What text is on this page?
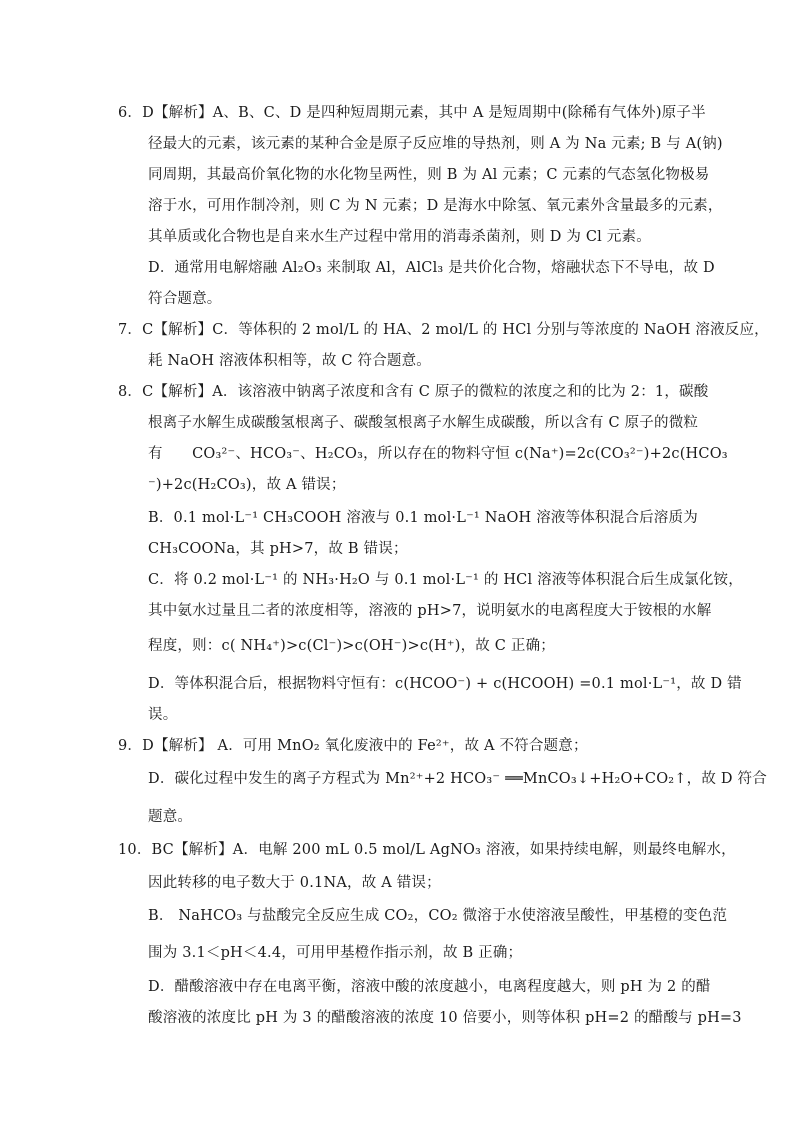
6．D【解析】A、B、C、D 是四种短周期元素，其中 A 是短周期中(除稀有气体外)原子半
径最大的元素，该元素的某种合金是原子反应堆的导热剂，则 A 为 Na 元素; B 与 A(钠)
同周期，其最高价氧化物的水化物呈两性，则 B 为 Al 元素；C 元素的气态氢化物极易
溶于水，可用作制冷剂，则 C 为 N 元素；D 是海水中除氢、氧元素外含量最多的元素，
其单质或化合物也是自来水生产过程中常用的消毒杀菌剂，则 D 为 Cl 元素。
D．通常用电解熔融 Al₂O₃ 来制取 Al，AlCl₃ 是共价化合物，熔融状态下不导电，故 D
符合题意。
7．C【解析】C．等体积的 2 mol/L 的 HA、2 mol/L 的 HCl 分别与等浓度的 NaOH 溶液反应，
耗 NaOH 溶液体积相等，故 C 符合题意。
8．C【解析】A．该溶液中钠离子浓度和含有 C 原子的微粒的浓度之和的比为 2：1，碳酸
根离子水解生成碳酸氢根离子、碳酸氢根离子水解生成碳酸，所以含有 C 原子的微粒
有　　CO₃²⁻、HCO₃⁻、H₂CO₃，所以存在的物料守恒 c(Na⁺)=2c(CO₃²⁻)+2c(HCO₃
⁻)+2c(H₂CO₃)，故 A 错误；
B．0.1 mol·L⁻¹ CH₃COOH 溶液与 0.1 mol·L⁻¹ NaOH 溶液等体积混合后溶质为
CH₃COONa，其 pH>7，故 B 错误；
C．将 0.2 mol·L⁻¹ 的 NH₃·H₂O 与 0.1 mol·L⁻¹ 的 HCl 溶液等体积混合后生成氯化铵，
其中氨水过量且二者的浓度相等，溶液的 pH>7，说明氨水的电离程度大于铵根的水解
程度，则：c( NH₄⁺)>c(Cl⁻)>c(OH⁻)>c(H⁺)，故 C 正确；
D．等体积混合后，根据物料守恒有：c(HCOO⁻) + c(HCOOH) =0.1 mol·L⁻¹，故 D 错
误。
9．D【解析】 A．可用 MnO₂ 氧化废液中的 Fe²⁺，故 A 不符合题意；
D．碳化过程中发生的离子方程式为 Mn²⁺+2 HCO₃⁻ ══MnCO₃↓+H₂O+CO₂↑，故 D 符合
题意。
10．BC【解析】A．电解 200 mL 0.5 mol/L AgNO₃ 溶液，如果持续电解，则最终电解水，
因此转移的电子数大于 0.1NA，故 A 错误；
B． NaHCO₃ 与盐酸完全反应生成 CO₂，CO₂ 微溶于水使溶液呈酸性，甲基橙的变色范
围为 3.1＜pH＜4.4，可用甲基橙作指示剂，故 B 正确；
D．醋酸溶液中存在电离平衡，溶液中酸的浓度越小，电离程度越大，则 pH 为 2 的醋
酸溶液的浓度比 pH 为 3 的醋酸溶液的浓度 10 倍要小，则等体积 pH=2 的醋酸与 pH=3
